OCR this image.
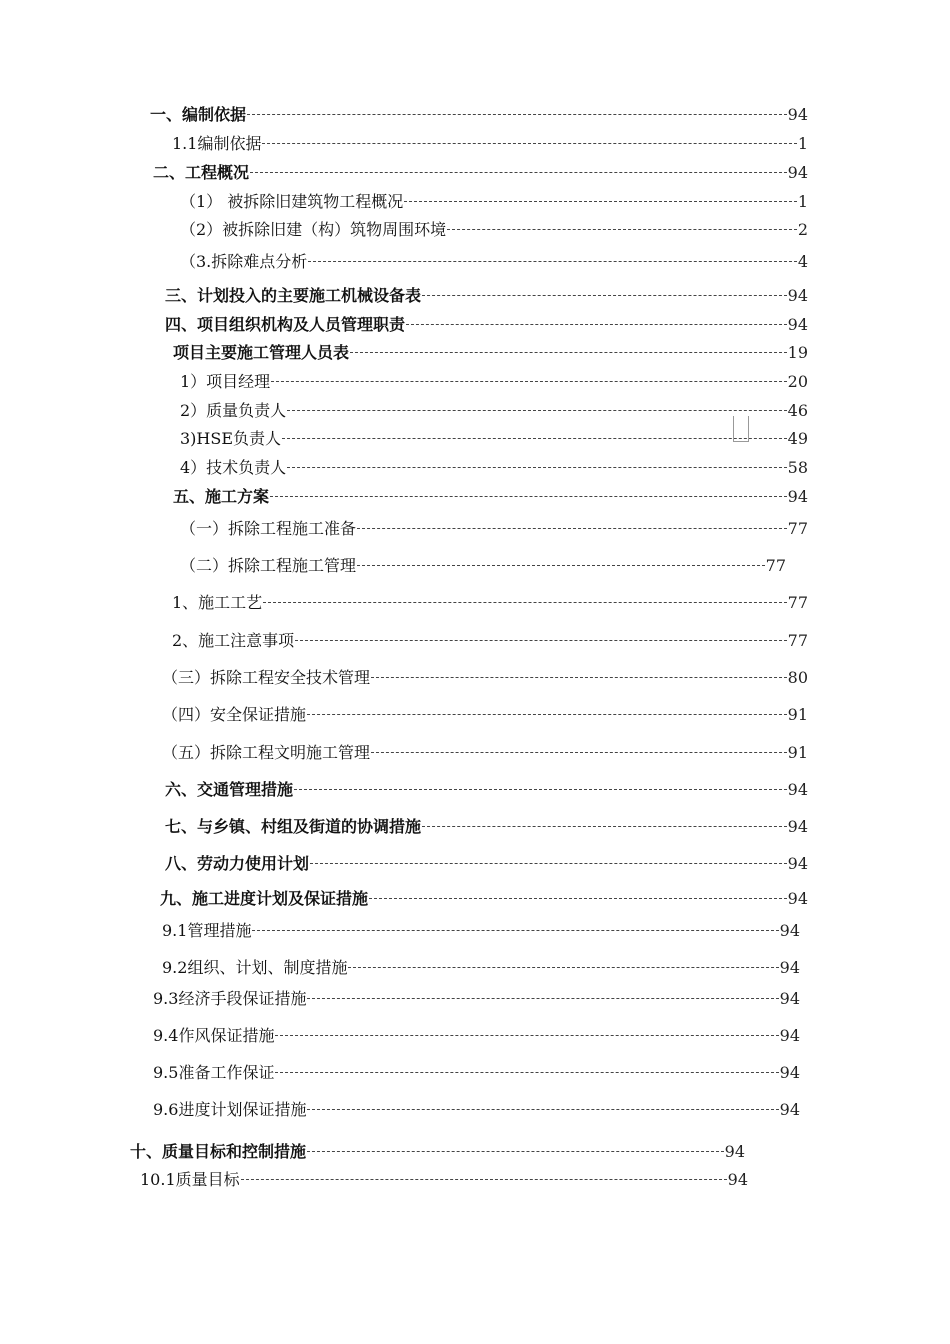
一、编制依据	94
1.1编制依据	1
二、工程概况	94
（1） 被拆除旧建筑物工程概况	1
（2）被拆除旧建（构）筑物周围环境	2
（3.拆除难点分析	4
三、计划投入的主要施工机械设备表	94
四、项目组织机构及人员管理职责	94
项目主要施工管理人员表	19
1）项目经理	20
2）质量负责人	46
3)HSE负责人	49
4）技术负责人	58
五、施工方案	94
（一）拆除工程施工准备	77
（二）拆除工程施工管理	77
1、施工工艺	77
2、施工注意事项	77
（三）拆除工程安全技术管理	80
（四）安全保证措施	91
（五）拆除工程文明施工管理	91
六、交通管理措施	94
七、与乡镇、村组及街道的协调措施	94
八、劳动力使用计划	94
九、施工进度计划及保证措施	94
9.1管理措施	94
9.2组织、计划、制度措施	94
9.3经济手段保证措施	94
9.4作风保证措施	94
9.5准备工作保证	94
9.6进度计划保证措施	94
十、质量目标和控制措施	94
10.1质量目标	94
